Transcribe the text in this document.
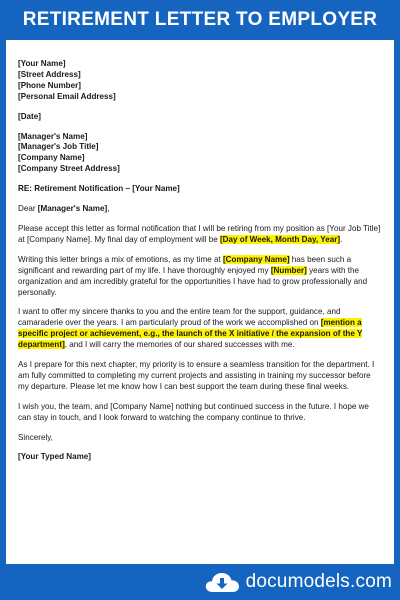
RETIREMENT LETTER TO EMPLOYER
[Your Name]
[Street Address]
[Phone Number]
[Personal Email Address]
[Date]
[Manager's Name]
[Manager's Job Title]
[Company Name]
[Company Street Address]
RE: Retirement Notification – [Your Name]
Dear [Manager's Name],

Please accept this letter as formal notification that I will be retiring from my position as [Your Job Title] at [Company Name]. My final day of employment will be [Day of Week, Month Day, Year].

Writing this letter brings a mix of emotions, as my time at [Company Name] has been such a significant and rewarding part of my life. I have thoroughly enjoyed my [Number] years with the organization and am incredibly grateful for the opportunities I have had to grow professionally and personally.

I want to offer my sincere thanks to you and the entire team for the support, guidance, and camaraderie over the years. I am particularly proud of the work we accomplished on [mention a specific project or achievement, e.g., the launch of the X initiative / the expansion of the Y department], and I will carry the memories of our shared successes with me.

As I prepare for this next chapter, my priority is to ensure a seamless transition for the department. I am fully committed to completing my current projects and assisting in training my successor before my departure. Please let me know how I can best support the team during these final weeks.

I wish you, the team, and [Company Name] nothing but continued success in the future. I hope we can stay in touch, and I look forward to watching the company continue to thrive.

Sincerely,
[Your Typed Name]
documodels.com
